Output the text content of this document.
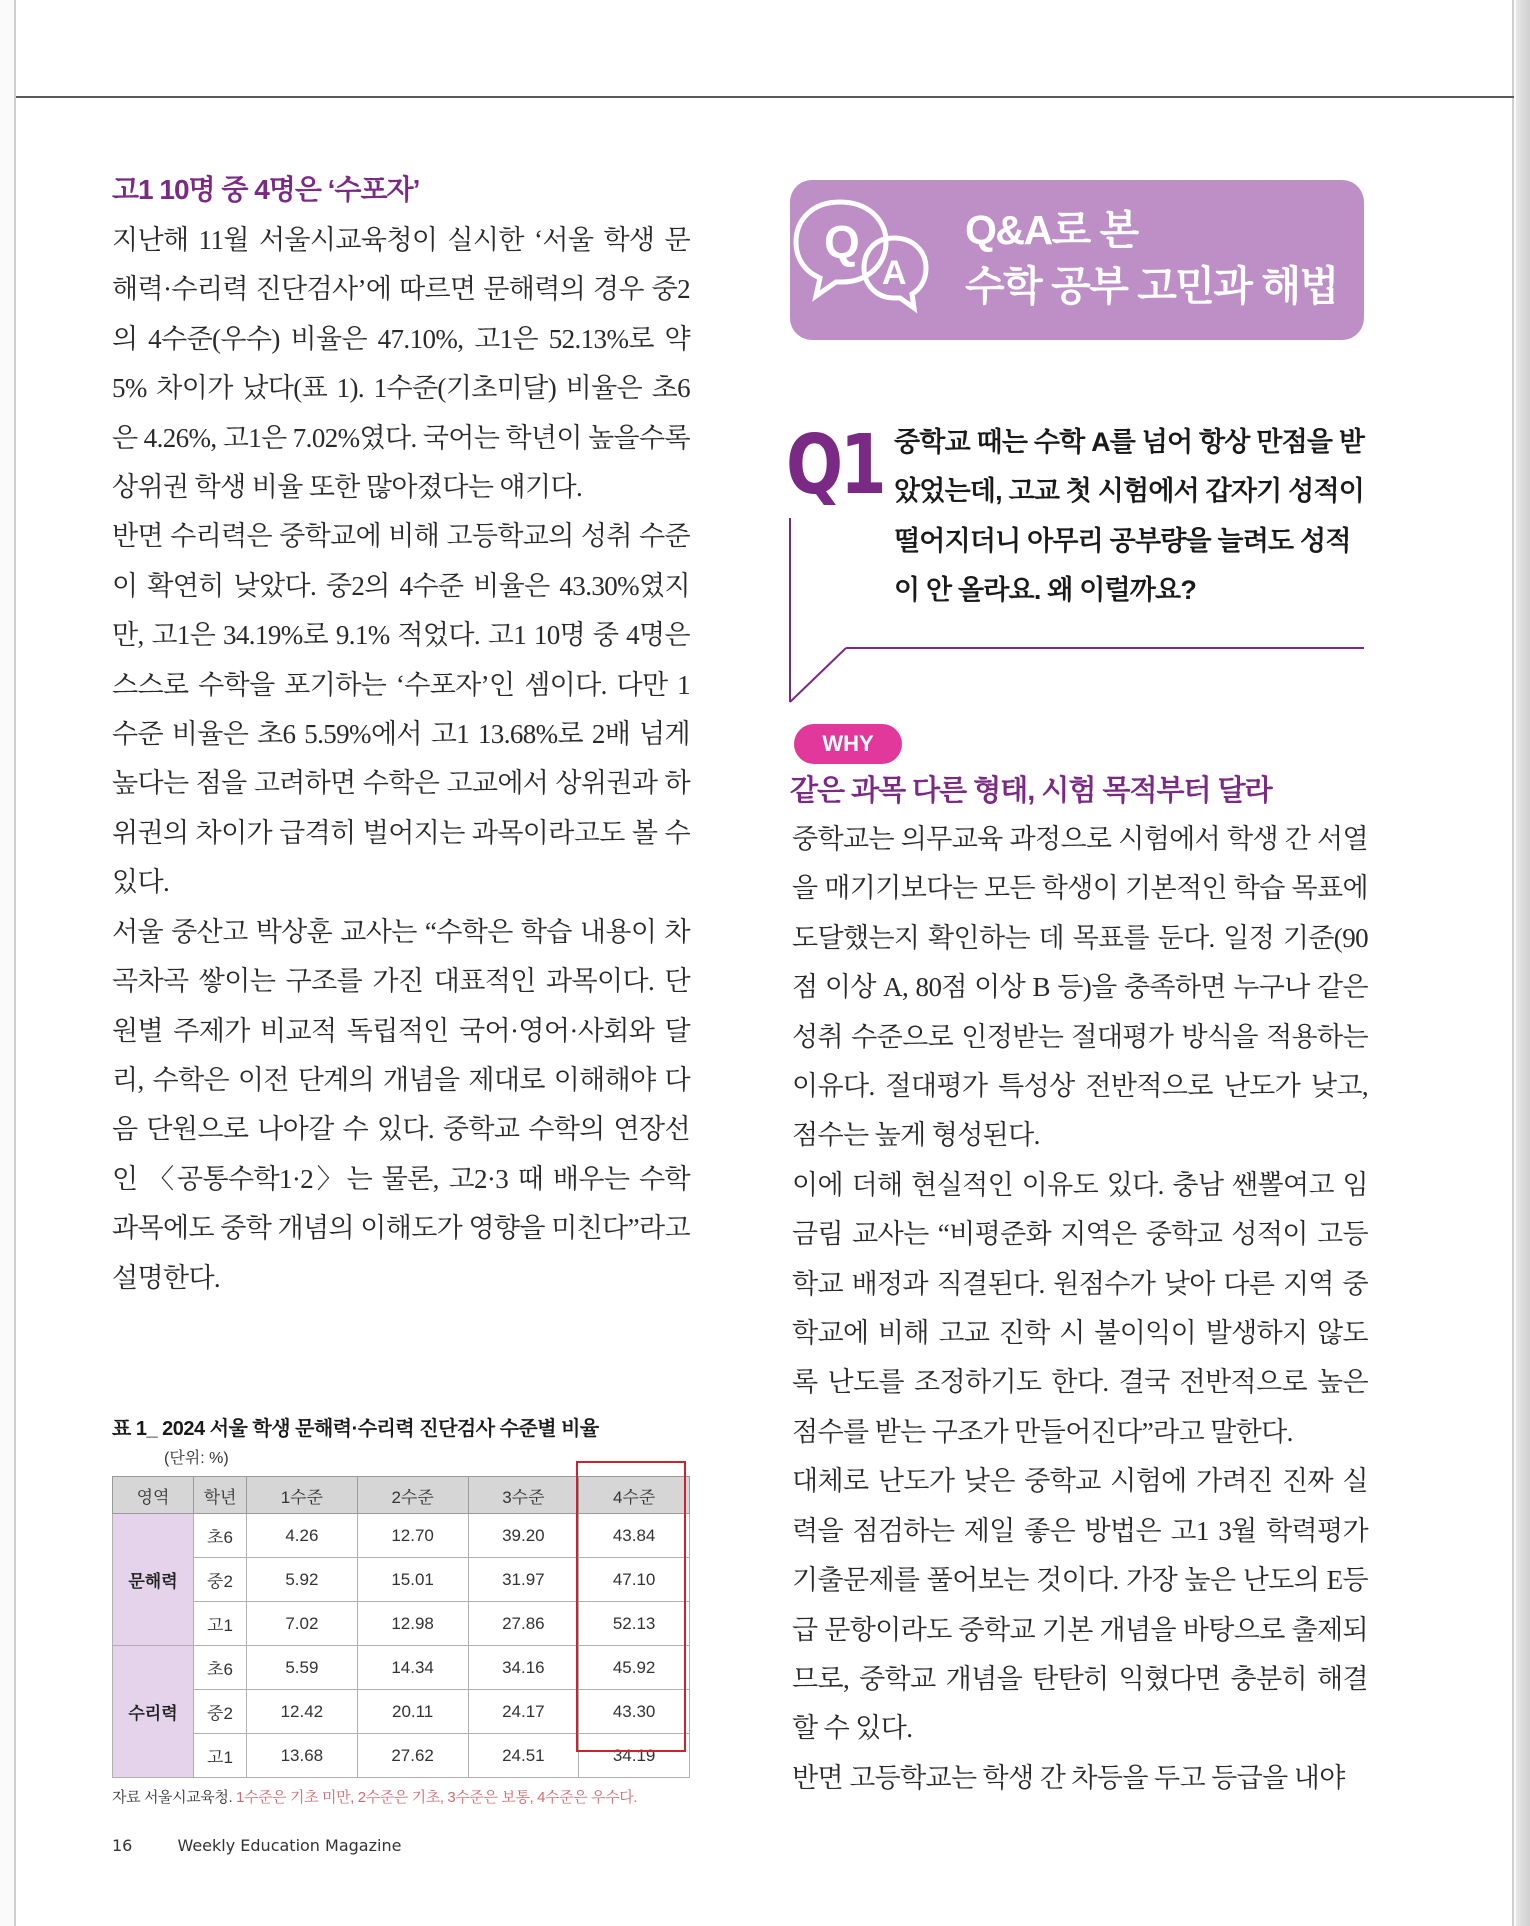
고1 10명 중 4명은 ‘수포자’

지난해 11월 서울시교육청이 실시한 ‘서울 학생 문해력·수리력 진단검사’에 따르면 문해력의 경우 중2의 4수준(우수) 비율은 47.10%, 고1은 52.13%로 약 5% 차이가 났다(표 1). 1수준(기초미달) 비율은 초6은 4.26%, 고1은 7.02%였다. 국어는 학년이 높을수록 상위권 학생 비율 또한 많아졌다는 얘기다.

반면 수리력은 중학교에 비해 고등학교의 성취 수준이 확연히 낮았다. 중2의 4수준 비율은 43.30%였지만, 고1은 34.19%로 9.1% 적었다. 고1 10명 중 4명은 스스로 수학을 포기하는 ‘수포자’인 셈이다. 다만 1수준 비율은 초6 5.59%에서 고1 13.68%로 2배 넘게 높다는 점을 고려하면 수학은 고교에서 상위권과 하위권의 차이가 급격히 벌어지는 과목이라고도 볼 수 있다.

서울 중산고 박상훈 교사는 “수학은 학습 내용이 차곡차곡 쌓이는 구조를 가진 대표적인 과목이다. 단원별 주제가 비교적 독립적인 국어·영어·사회와 달리, 수학은 이전 단계의 개념을 제대로 이해해야 다음 단원으로 나아갈 수 있다. 중학교 수학의 연장선인 〈공통수학1·2〉는 물론, 고2·3 때 배우는 수학 과목에도 중학 개념의 이해도가 영향을 미친다”라고 설명한다.

표 1_ 2024 서울 학생 문해력·수리력 진단검사 수준별 비율
(단위: %)
영역	학년	1수준	2수준	3수준	4수준
문해력	초6	4.26	12.70	39.20	43.84
	중2	5.92	15.01	31.97	47.10
	고1	7.02	12.98	27.86	52.13
수리력	초6	5.59	14.34	34.16	45.92
	중2	12.42	20.11	24.17	43.30
	고1	13.68	27.62	24.51	34.19
자료 서울시교육청. 1수준은 기초 미만, 2수준은 기초, 3수준은 보통, 4수준은 우수다.
16	Weekly Education Magazine
Q
A
Q&A로 본
수학 공부 고민과 해법
Q1 중학교 때는 수학 A를 넘어 항상 만점을 받았었는데, 고교 첫 시험에서 갑자기 성적이 떨어지더니 아무리 공부량을 늘려도 성적이 안 올라요. 왜 이럴까요?
WHY
같은 과목 다른 형태, 시험 목적부터 달라

중학교는 의무교육 과정으로 시험에서 학생 간 서열을 매기기보다는 모든 학생이 기본적인 학습 목표에 도달했는지 확인하는 데 목표를 둔다. 일정 기준(90점 이상 A, 80점 이상 B 등)을 충족하면 누구나 같은 성취 수준으로 인정받는 절대평가 방식을 적용하는 이유다. 절대평가 특성상 전반적으로 난도가 낮고, 점수는 높게 형성된다.

이에 더해 현실적인 이유도 있다. 충남 쌘뽈여고 임금림 교사는 “비평준화 지역은 중학교 성적이 고등학교 배정과 직결된다. 원점수가 낮아 다른 지역 중학교에 비해 고교 진학 시 불이익이 발생하지 않도록 난도를 조정하기도 한다. 결국 전반적으로 높은 점수를 받는 구조가 만들어진다”라고 말한다.

대체로 난도가 낮은 중학교 시험에 가려진 진짜 실력을 점검하는 제일 좋은 방법은 고1 3월 학력평가 기출문제를 풀어보는 것이다. 가장 높은 난도의 E등급 문항이라도 중학교 기본 개념을 바탕으로 출제되므로, 중학교 개념을 탄탄히 익혔다면 충분히 해결할 수 있다.

반면 고등학교는 학생 간 차등을 두고 등급을 내야
